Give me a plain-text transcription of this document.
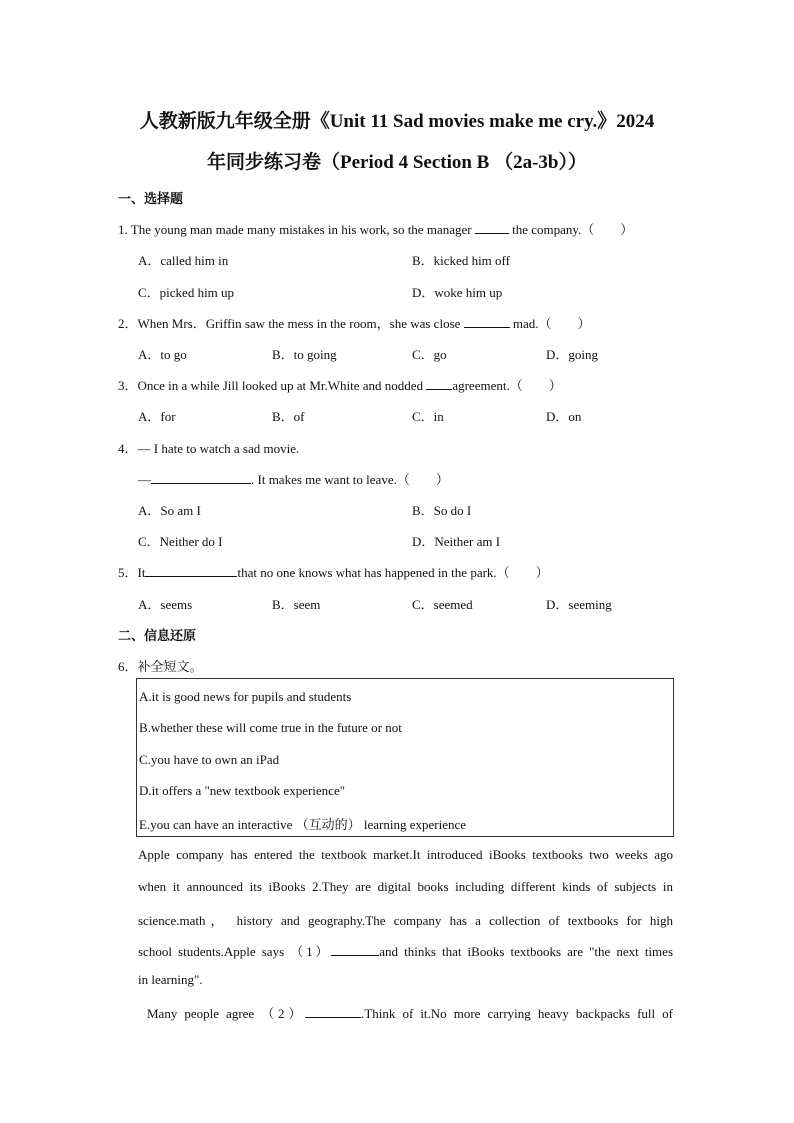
人教新版九年级全册《Unit 11 Sad movies make me cry.》2024
年同步练习卷（Period 4 Section B （2a-3b））
一、选择题
1. The young man made many mistakes in his work, so the manager	the company.（　　）
A．called him in	B．kicked him off
C．picked him up	D．woke him up
2．When Mrs．Griffin saw the mess in the room，she was close	mad.（　　）
A．to go	B．to going	C．go	D．going
3．Once in a while Jill looked up at Mr.White and nodded agreement.（　　）
A．for	B．of	C．in	D．on
4．— I hate to watch a sad movie.
—	. It makes me want to leave.（　　）
A．So am I	B．So do I
C．Neither do I	D．Neither am I
5．It	that no one knows what has happened in the park.（　　）
A．seems	B．seem	C．seemed	D．seeming
二、信息还原
6．补全短文。
A.it is good news for pupils and students
B.whether these will come true in the future or not
C.you have to own an iPad
D.it offers a "new textbook experience"
E.you can have an interactive （互动的） learning experience
Apple company has entered the textbook market.It introduced iBooks textbooks two weeks ago
when it announced its iBooks 2.They are digital books including different kinds of subjects in
science.math， history and geography.The company has a collection of textbooks for high
school students.Apple says （1）	and thinks that iBooks textbooks are "the next times
in learning".
Many people agree （2）	.Think of it.No more carrying heavy backpacks full of
